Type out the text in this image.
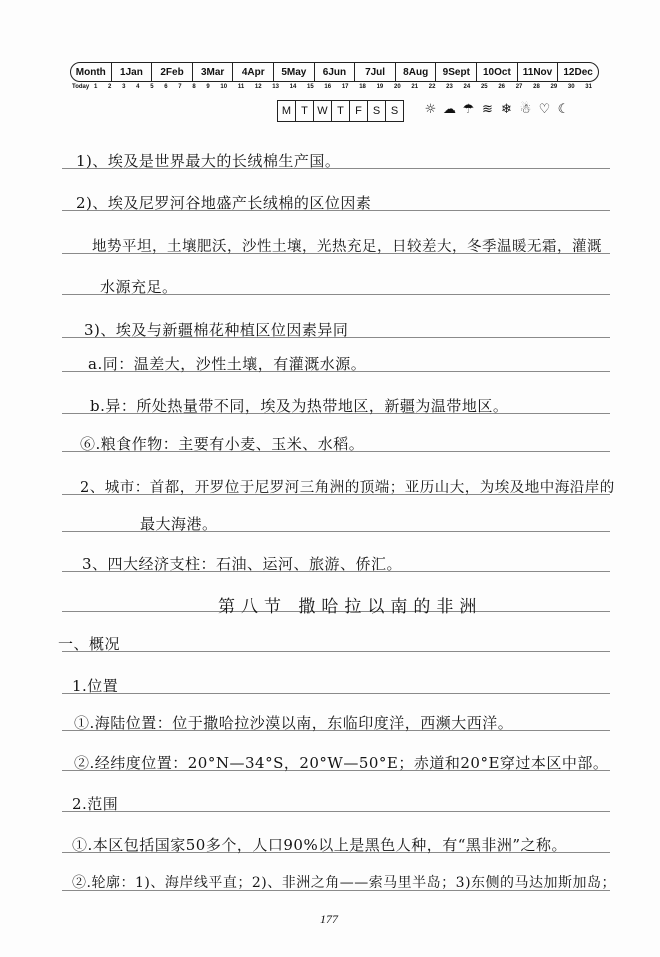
Month	1Jan	2Feb	3Mar	4Apr	5May	6Jun	7Jul	8Aug	9Sept	10Oct	11Nov	12Dec
Today 1 2 3 4 5 6 7 8 9 10 11 12 13 14 15 16 17 18 19 20 21 22 23 24 25 26 27 28 29 30 31
M T W T	F S S	☼ ☁ ☂ ≋ ❄ ☃ ♡ ☾
1)、埃及是世界最大的长绒棉生产国。
2)、埃及尼罗河谷地盛产长绒棉的区位因素
地势平坦，土壤肥沃，沙性土壤，光热充足，日较差大，冬季温暖无霜，灌溉
水源充足。
3)、埃及与新疆棉花种植区位因素异同
a.同：温差大，沙性土壤，有灌溉水源。
b.异：所处热量带不同，埃及为热带地区，新疆为温带地区。
⑥.粮食作物：主要有小麦、玉米、水稻。
2、城市：首都，开罗位于尼罗河三角洲的顶端；亚历山大，为埃及地中海沿岸的
最大海港。
3、四大经济支柱：石油、运河、旅游、侨汇。
第八节 撒哈拉以南的非洲
一、概况
1.位置
①.海陆位置：位于撒哈拉沙漠以南，东临印度洋，西濒大西洋。
②.经纬度位置：20°N—34°S，20°W—50°E；赤道和20°E穿过本区中部。
2.范围
①.本区包括国家50多个，人口90%以上是黑色人种，有“黑非洲”之称。
②.轮廓：1)、海岸线平直；2)、非洲之角——索马里半岛；3)东侧的马达加斯加岛；
177
